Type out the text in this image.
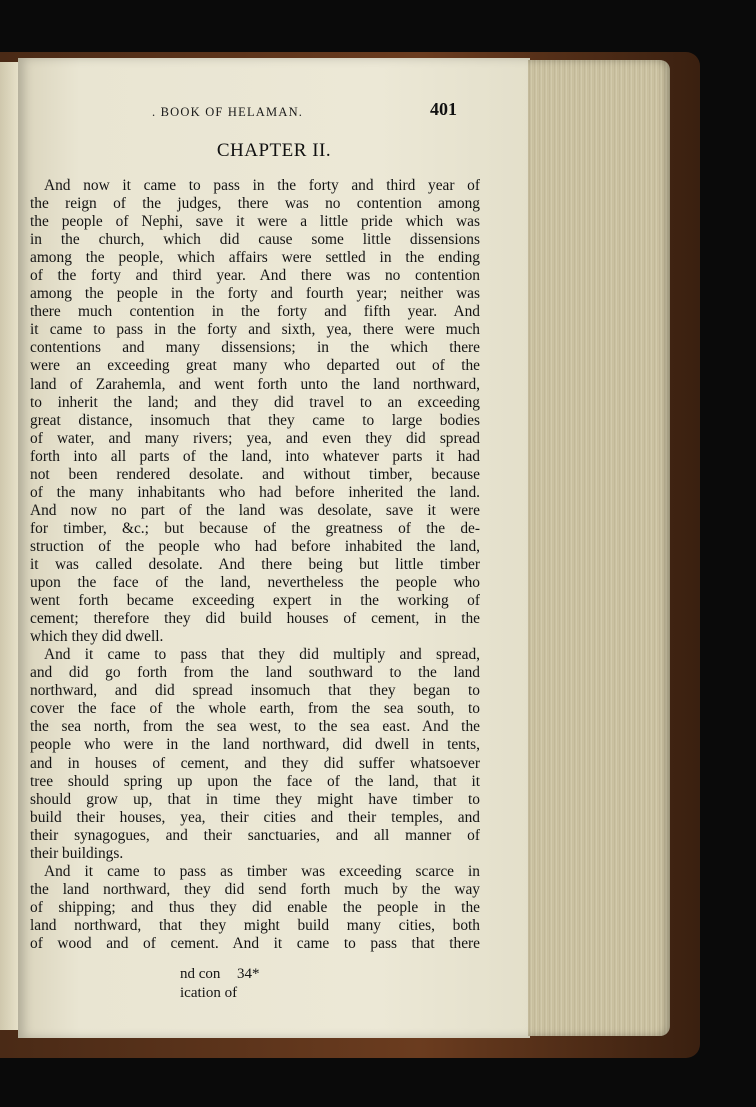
. BOOK OF HELAMAN.	401
CHAPTER II.
And now it came to pass in the forty and third year of
the reign of the judges, there was no contention among
the people of Nephi, save it were a little pride which was
in the church, which did cause some little dissensions
among the people, which affairs were settled in the ending
of the forty and third year. And there was no contention
among the people in the forty and fourth year; neither was
there much contention in the forty and fifth year. And
it came to pass in the forty and sixth, yea, there were much
contentions and many dissensions; in the which there
were an exceeding great many who departed out of the
land of Zarahemla, and went forth unto the land northward,
to inherit the land; and they did travel to an exceeding
great distance, insomuch that they came to large bodies
of water, and many rivers; yea, and even they did spread
forth into all parts of the land, into whatever parts it had
not been rendered desolate. and without timber, because
of the many inhabitants who had before inherited the land.
And now no part of the land was desolate, save it were
for timber, &c.; but because of the greatness of the de-
struction of the people who had before inhabited the land,
it was called desolate. And there being but little timber
upon the face of the land, nevertheless the people who
went forth became exceeding expert in the working of
cement; therefore they did build houses of cement, in the
which they did dwell.
And it came to pass that they did multiply and spread,
and did go forth from the land southward to the land
northward, and did spread insomuch that they began to
cover the face of the whole earth, from the sea south, to
the sea north, from the sea west, to the sea east. And the
people who were in the land northward, did dwell in tents,
and in houses of cement, and they did suffer whatsoever
tree should spring up upon the face of the land, that it
should grow up, that in time they might have timber to
build their houses, yea, their cities and their temples, and
their synagogues, and their sanctuaries, and all manner of
their buildings.
And it came to pass as timber was exceeding scarce in
the land northward, they did send forth much by the way
of shipping; and thus they did enable the people in the
land northward, that they might build many cities, both
of wood and of cement. And it came to pass that there
nd con 34*
ication of
